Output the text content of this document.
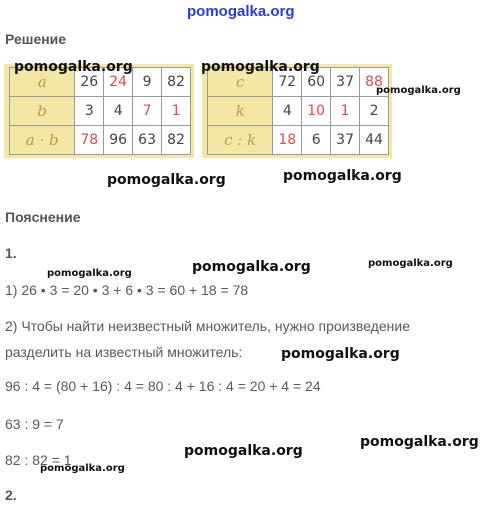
pomogalka.org
Решение
a	26	24	9	82
b	3	4	7	1
a · b	78	96	63	82
c	72	60	37	88
k	4	10	1	2
c : k	18	6	37	44
pomogalka.org	pomogalka.org
pomogalka.org
pomogalka.org	pomogalka.org
Пояснение
1.
pomogalka.org	pomogalka.org	pomogalka.org
1) 26 • 3 = 20 • 3 + 6 • 3 = 60 + 18 = 78
2) Чтобы найти неизвестный множитель, нужно произведение
разделить на известный множитель:	pomogalka.org
96 : 4 = (80 + 16) : 4 = 80 : 4 + 16 : 4 = 20 + 4 = 24
63 : 9 = 7
pomogalka.org
pomogalka.org
82 : 82 = 1
pomogalka.org
2.
